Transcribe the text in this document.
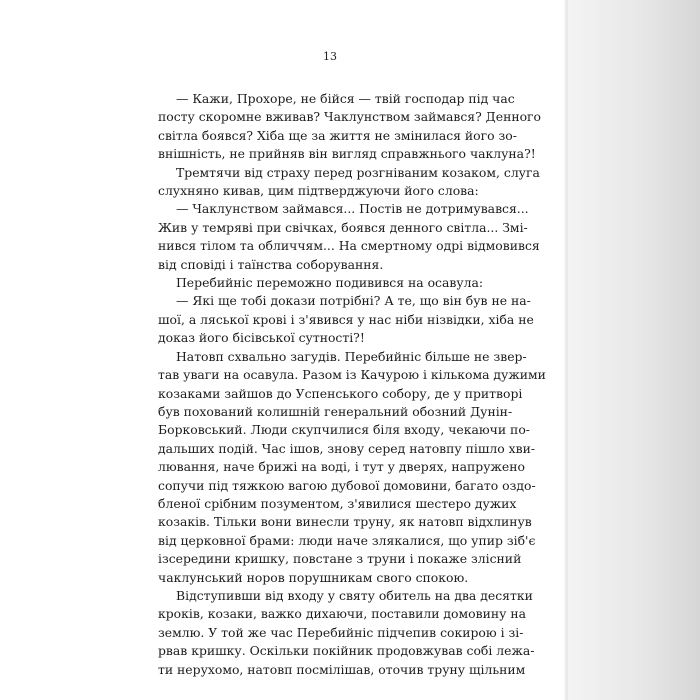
13
— Кажи, Прохоре, не бійся — твій господар під час
посту скоромне вживав? Чаклунством займався? Денного
світла боявся? Хіба ще за життя не змінилася його зо-
внішність, не прийняв він вигляд справжнього чаклуна?!
Тремтячи від страху перед розгніваним козаком, слуга
слухняно кивав, цим підтверджуючи його слова:
— Чаклунством займався... Постів не дотримувався...
Жив у темряві при свічках, боявся денного світла... Змі-
нився тілом та обличчям... На смертному одрі відмовився
від сповіді і таїнства соборування.
Перебийніс переможно подивився на осавула:
— Які ще тобі докази потрібні? А те, що він був не на-
шої, а ляської крові і з'явився у нас ніби нізвідки, хіба не
доказ його бісівської сутності?!
Натовп схвально загудів. Перебийніс більше не звер-
тав уваги на осавула. Разом із Качурою і кількома дужими
козаками зайшов до Успенського собору, де у притворі
був похований колишній генеральний обозний Дунін-
Борковський. Люди скупчилися біля входу, чекаючи по-
дальших подій. Час ішов, знову серед натовпу пішло хви-
лювання, наче брижі на воді, і тут у дверях, напружено
сопучи під тяжкою вагою дубової домовини, багато оздо-
бленої срібним позументом, з'явилися шестеро дужих
козаків. Тільки вони винесли труну, як натовп відхлинув
від церковної брами: люди наче злякалися, що упир зіб'є
ізсередини кришку, повстане з труни і покаже злісний
чаклунський норов порушникам свого спокою.
Відступивши від входу у святу обитель на два десятки
кроків, козаки, важко дихаючи, поставили домовину на
землю. У той же час Перебийніс підчепив сокирою і зі-
рвав кришку. Оскільки покійник продовжував собі лежа-
ти нерухомо, натовп посмілішав, оточив труну щільним
